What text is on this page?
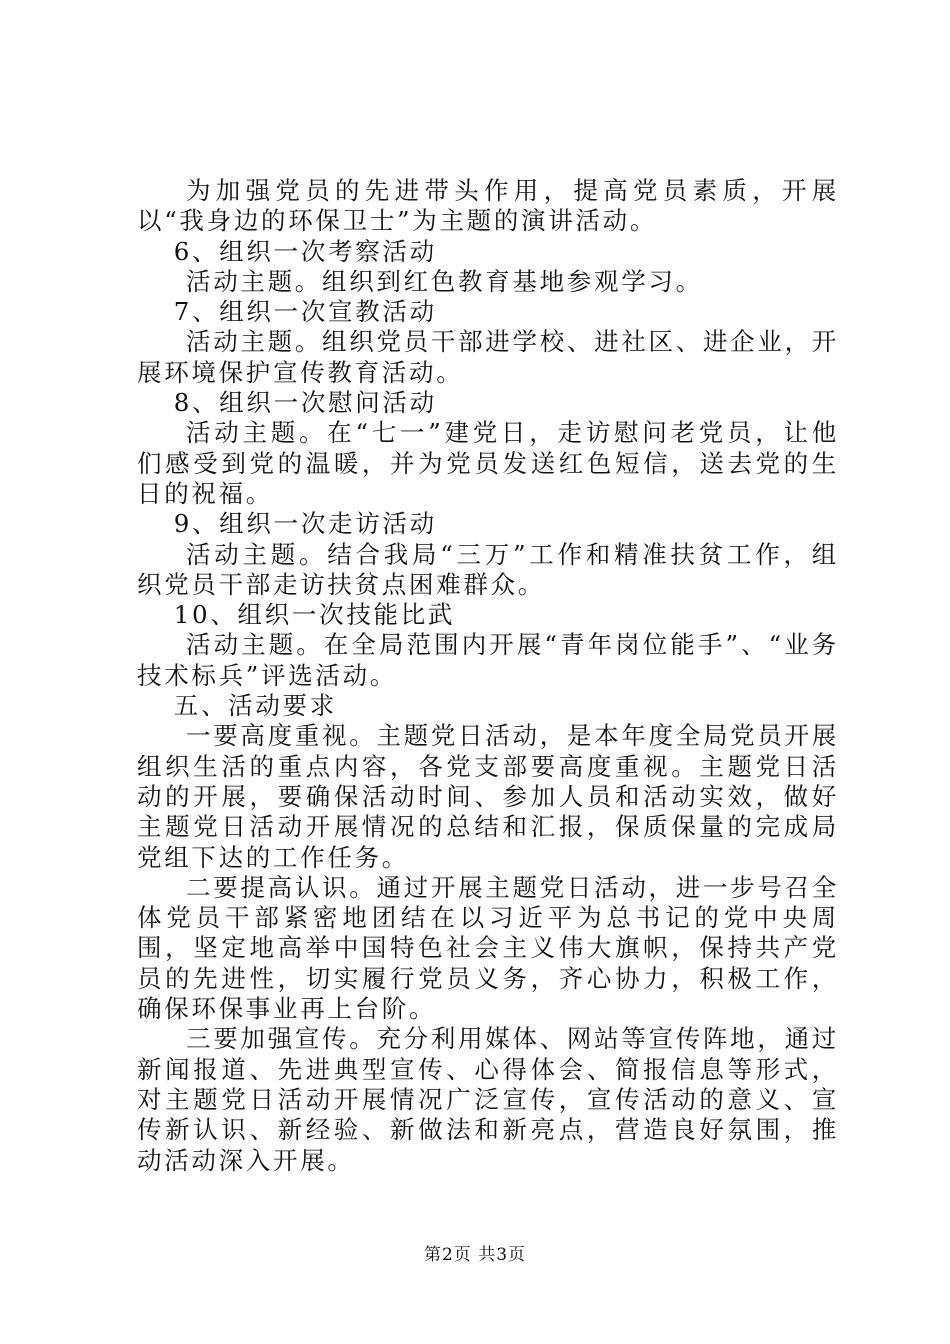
为加强党员的先进带头作用，提高党员素质，开展以“我身边的环保卫士”为主题的演讲活动。

6、组织一次考察活动

活动主题。组织到红色教育基地参观学习。

7、组织一次宣教活动

活动主题。组织党员干部进学校、进社区、进企业，开展环境保护宣传教育活动。

8、组织一次慰问活动

活动主题。在“七一”建党日，走访慰问老党员，让他们感受到党的温暖，并为党员发送红色短信，送去党的生日的祝福。

9、组织一次走访活动

活动主题。结合我局“三万”工作和精准扶贫工作，组织党员干部走访扶贫点困难群众。

10、组织一次技能比武

活动主题。在全局范围内开展“青年岗位能手”、“业务技术标兵”评选活动。

五、活动要求

一要高度重视。主题党日活动，是本年度全局党员开展组织生活的重点内容，各党支部要高度重视。主题党日活动的开展，要确保活动时间、参加人员和活动实效，做好主题党日活动开展情况的总结和汇报，保质保量的完成局党组下达的工作任务。

二要提高认识。通过开展主题党日活动，进一步号召全体党员干部紧密地团结在以习近平为总书记的党中央周围，坚定地高举中国特色社会主义伟大旗帜，保持共产党员的先进性，切实履行党员义务，齐心协力，积极工作，确保环保事业再上台阶。

三要加强宣传。充分利用媒体、网站等宣传阵地，通过新闻报道、先进典型宣传、心得体会、简报信息等形式，对主题党日活动开展情况广泛宣传，宣传活动的意义、宣传新认识、新经验、新做法和新亮点，营造良好氛围，推动活动深入开展。

第2页 共3页
